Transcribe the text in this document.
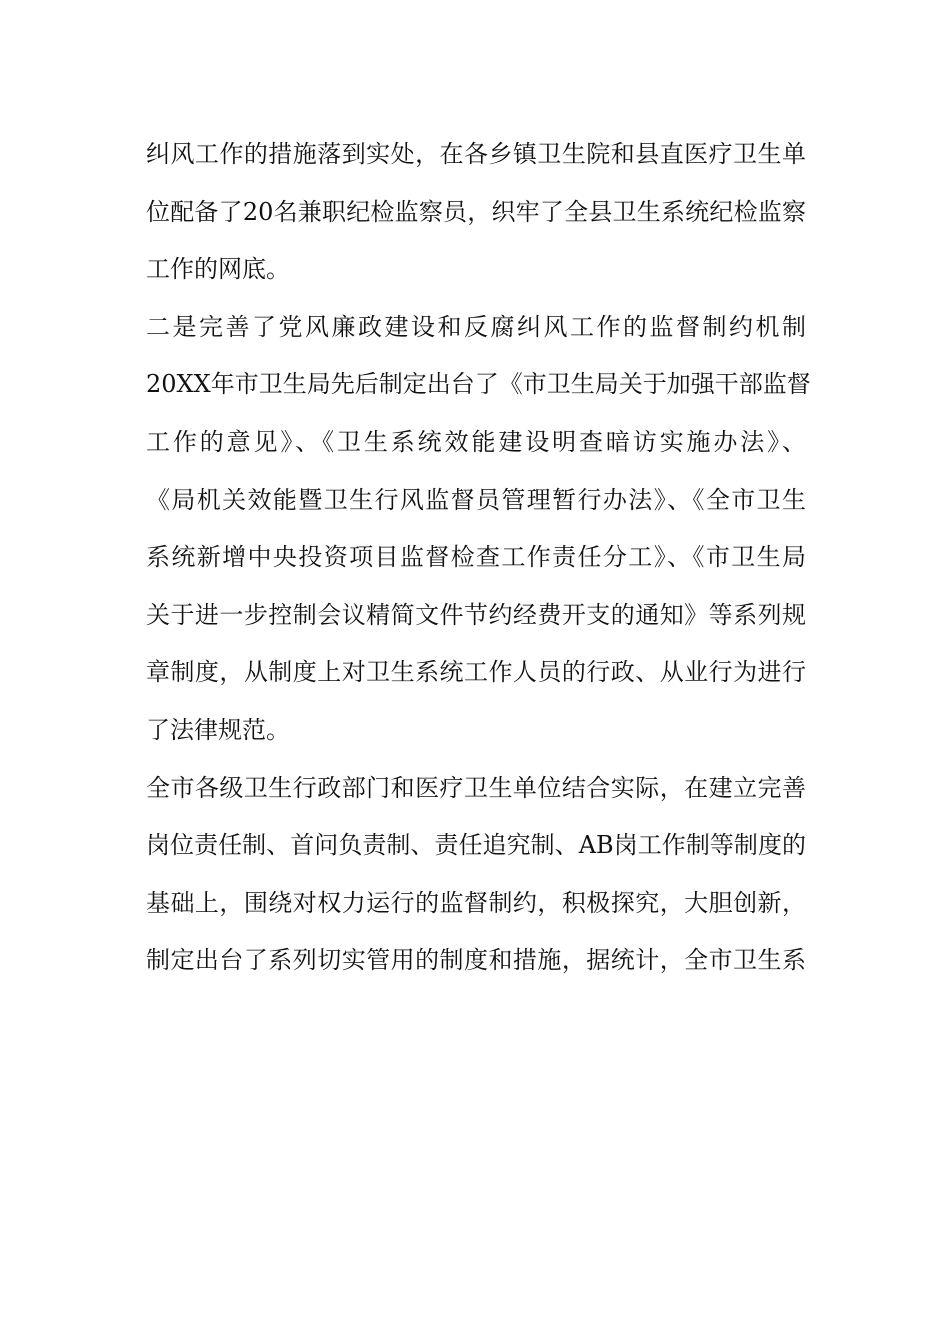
纠风工作的措施落到实处，在各乡镇卫生院和县直医疗卫生单
位配备了20名兼职纪检监察员，织牢了全县卫生系统纪检监察
工作的网底。
二是完善了党风廉政建设和反腐纠风工作的监督制约机制
20XX年市卫生局先后制定出台了《市卫生局关于加强干部监督
工作的意见》、《卫生系统效能建设明查暗访实施办法》、
《局机关效能暨卫生行风监督员管理暂行办法》、《全市卫生
系统新增中央投资项目监督检查工作责任分工》、《市卫生局
关于进一步控制会议精简文件节约经费开支的通知》等系列规
章制度，从制度上对卫生系统工作人员的行政、从业行为进行
了法律规范。
全市各级卫生行政部门和医疗卫生单位结合实际，在建立完善
岗位责任制、首问负责制、责任追究制、AB岗工作制等制度的
基础上，围绕对权力运行的监督制约，积极探究，大胆创新，
制定出台了系列切实管用的制度和措施，据统计，全市卫生系
